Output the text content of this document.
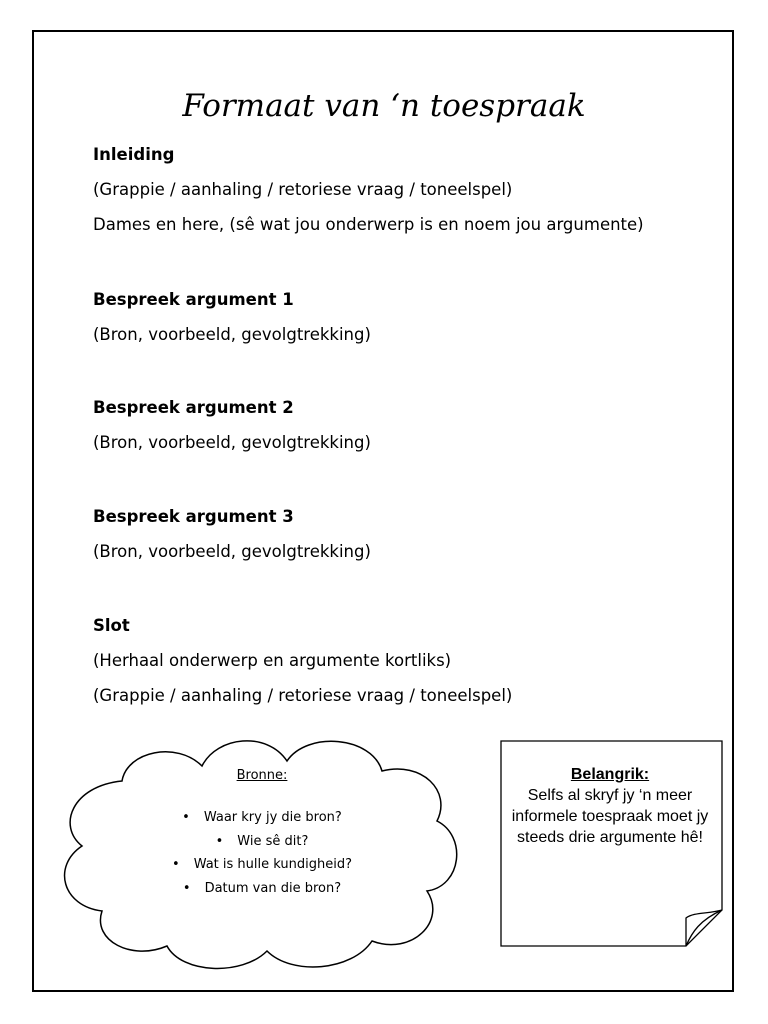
Formaat van ‘n toespraak
Inleiding
(Grappie / aanhaling / retoriese vraag / toneelspel)
Dames en here, (sê wat jou onderwerp is en noem jou argumente)
Bespreek argument 1
(Bron, voorbeeld, gevolgtrekking)
Bespreek argument 2
(Bron, voorbeeld, gevolgtrekking)
Bespreek argument 3
(Bron, voorbeeld, gevolgtrekking)
Slot
(Herhaal onderwerp en argumente kortliks)
(Grappie / aanhaling / retoriese vraag / toneelspel)
Bronne:
• Waar kry jy die bron?
• Wie sê dit?
• Wat is hulle kundigheid?
• Datum van die bron?
Belangrik:
Selfs al skryf jy ‘n meer informele toespraak moet jy steeds drie argumente hê!
